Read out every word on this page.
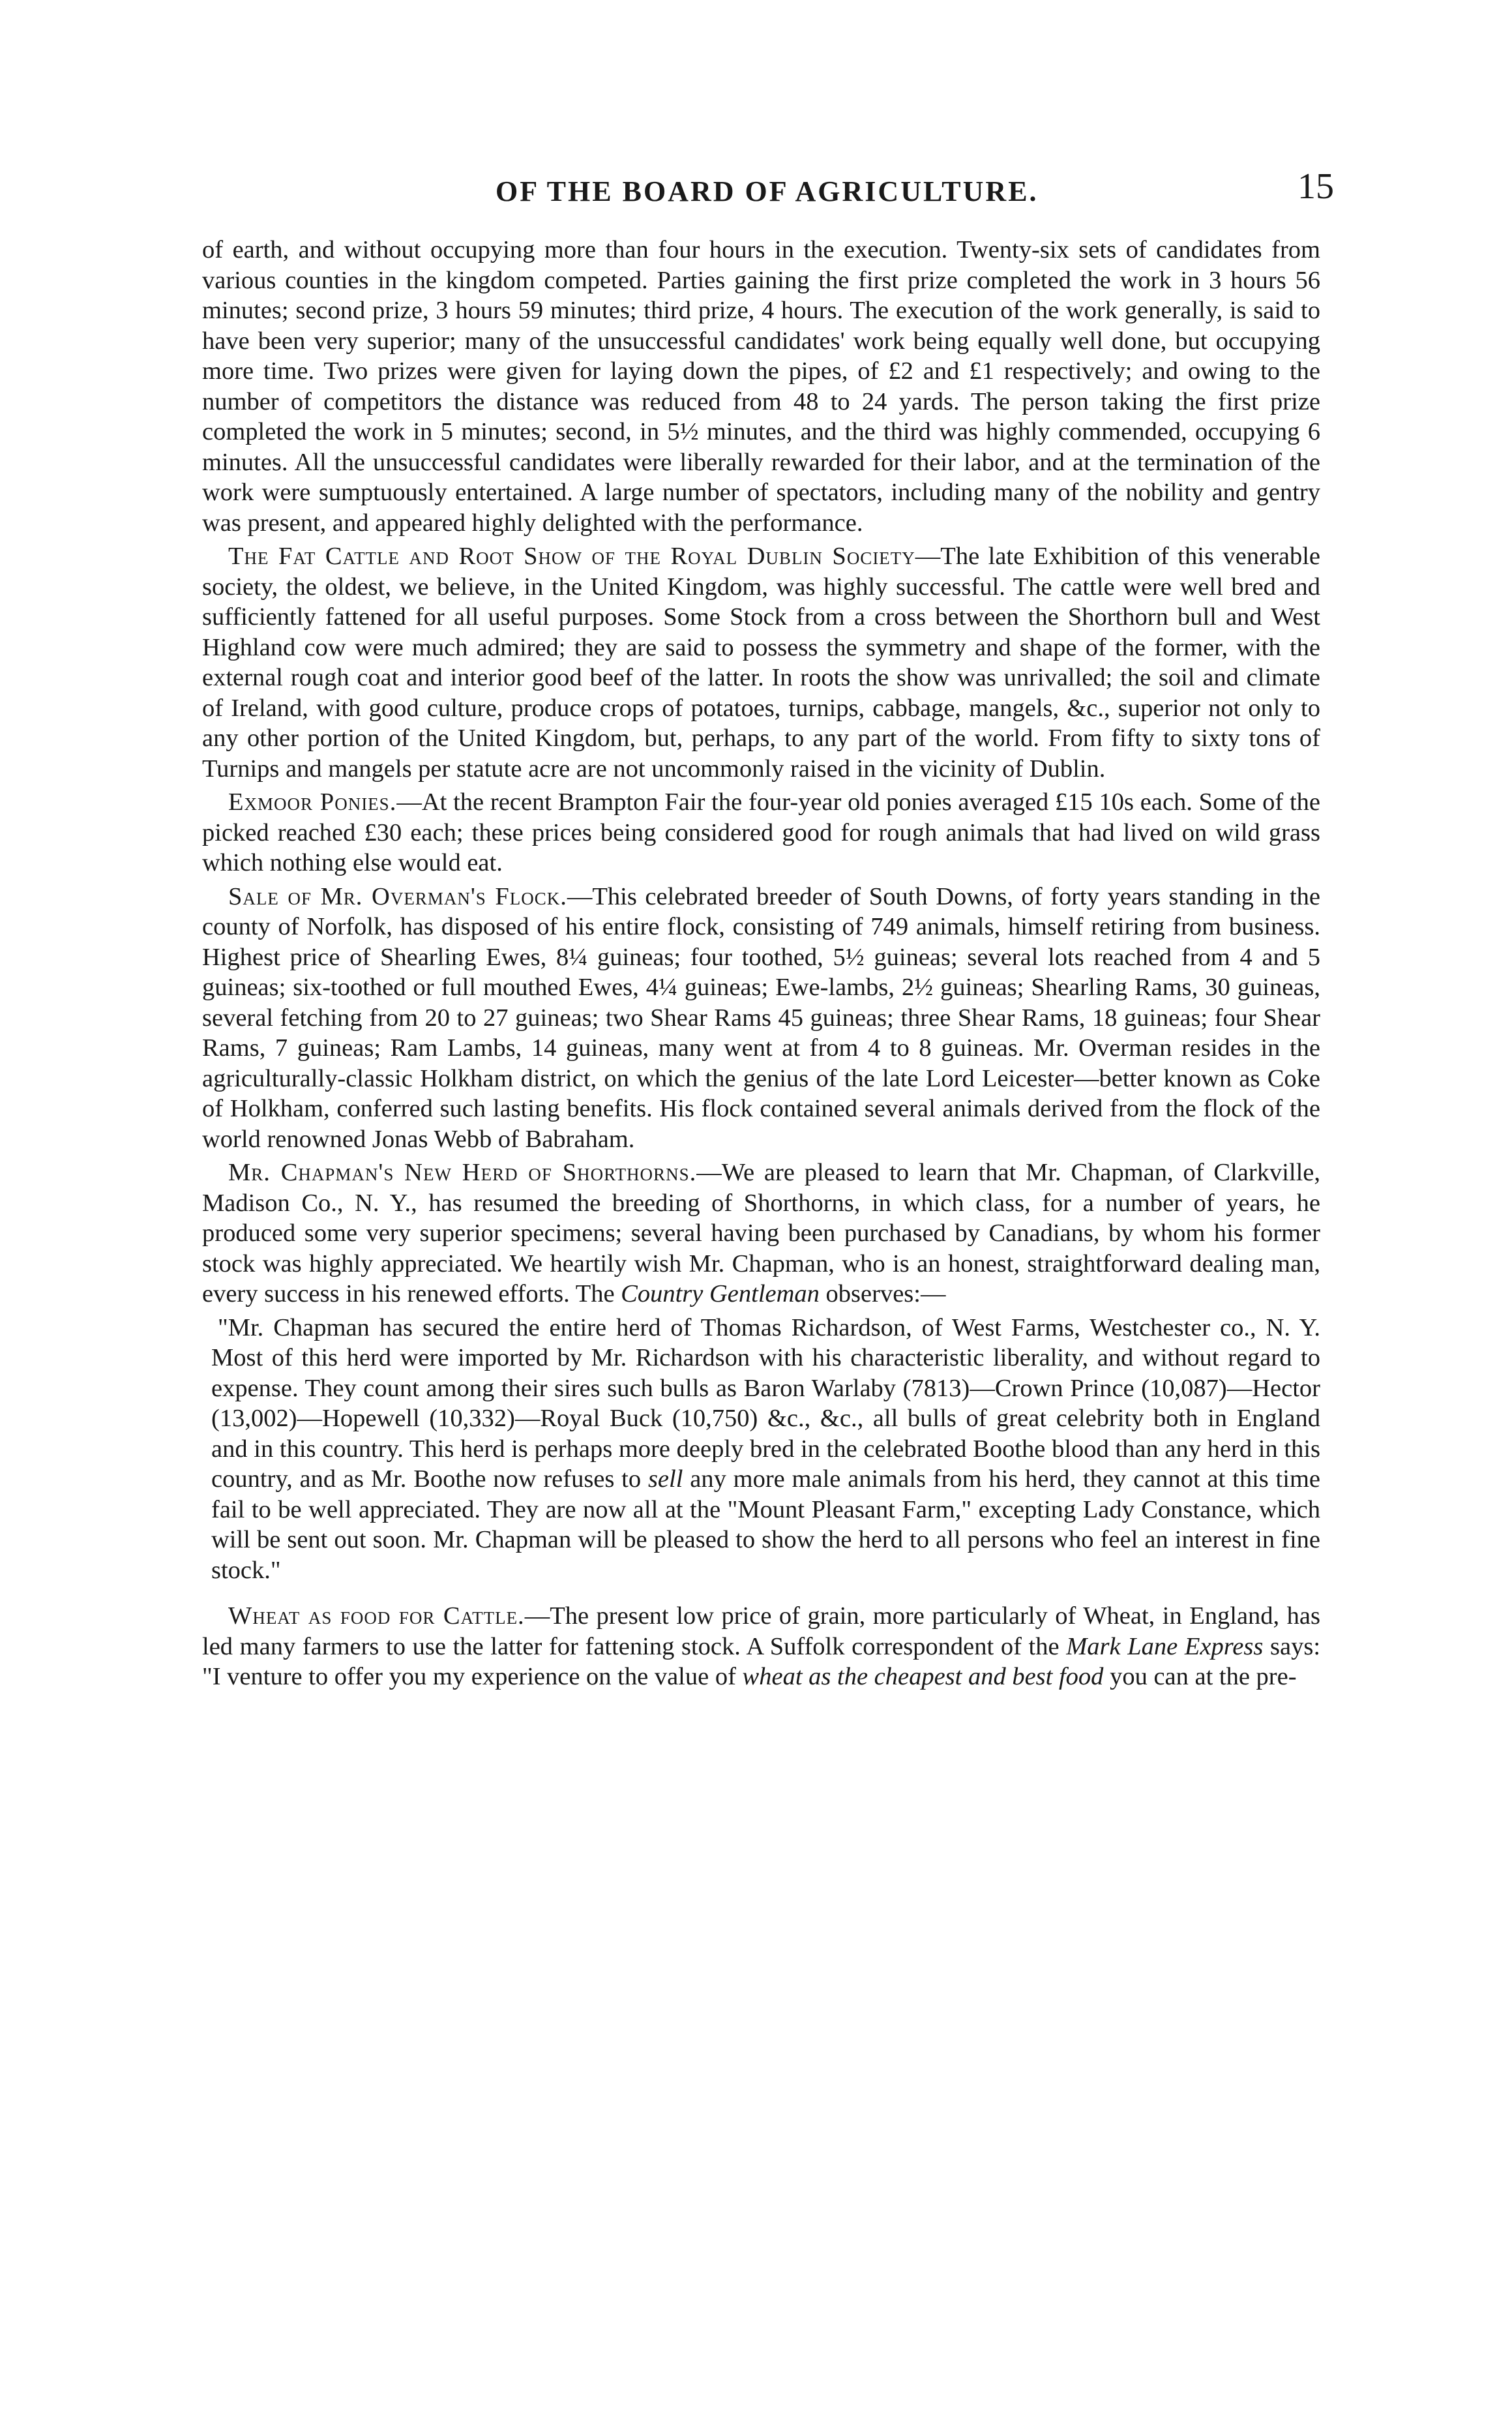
OF THE BOARD OF AGRICULTURE.	15

of earth, and without occupying more than four hours in the execution. Twenty-six sets of candidates from various counties in the kingdom competed. Parties gaining the first prize completed the work in 3 hours 56 minutes; second prize, 3 hours 59 minutes; third prize, 4 hours. The execution of the work generally, is said to have been very superior; many of the unsuccessful candidates' work being equally well done, but occupying more time. Two prizes were given for laying down the pipes, of £2 and £1 respectively; and owing to the number of competitors the distance was reduced from 48 to 24 yards. The person taking the first prize completed the work in 5 minutes; second, in 5½ minutes, and the third was highly commended, occupying 6 minutes. All the unsuccessful candidates were liberally rewarded for their labor, and at the termination of the work were sumptuously entertained. A large number of spectators, including many of the nobility and gentry was present, and appeared highly delighted with the performance.

The Fat Cattle and Root Show of the Royal Dublin Society—The late Exhibition of this venerable society, the oldest, we believe, in the United Kingdom, was highly successful. The cattle were well bred and sufficiently fattened for all useful purposes. Some Stock from a cross between the Shorthorn bull and West Highland cow were much admired; they are said to possess the symmetry and shape of the former, with the external rough coat and interior good beef of the latter. In roots the show was unrivalled; the soil and climate of Ireland, with good culture, produce crops of potatoes, turnips, cabbage, mangels, &c., superior not only to any other portion of the United Kingdom, but, perhaps, to any part of the world. From fifty to sixty tons of Turnips and mangels per statute acre are not uncommonly raised in the vicinity of Dublin.

Exmoor Ponies.—At the recent Brampton Fair the four-year old ponies averaged £15 10s each. Some of the picked reached £30 each; these prices being considered good for rough animals that had lived on wild grass which nothing else would eat.

Sale of Mr. Overman's Flock.—This celebrated breeder of South Downs, of forty years standing in the county of Norfolk, has disposed of his entire flock, consisting of 749 animals, himself retiring from business. Highest price of Shearling Ewes, 8¼ guineas; four toothed, 5½ guineas; several lots reached from 4 and 5 guineas; six-toothed or full mouthed Ewes, 4¼ guineas; Ewe-lambs, 2½ guineas; Shearling Rams, 30 guineas, several fetching from 20 to 27 guineas; two Shear Rams 45 guineas; three Shear Rams, 18 guineas; four Shear Rams, 7 guineas; Ram Lambs, 14 guineas, many went at from 4 to 8 guineas. Mr. Overman resides in the agriculturally-classic Holkham district, on which the genius of the late Lord Leicester—better known as Coke of Holkham, conferred such lasting benefits. His flock contained several animals derived from the flock of the world renowned Jonas Webb of Babraham.

Mr. Chapman's New Herd of Shorthorns.—We are pleased to learn that Mr. Chapman, of Clarkville, Madison Co., N. Y., has resumed the breeding of Shorthorns, in which class, for a number of years, he produced some very superior specimens; several having been purchased by Canadians, by whom his former stock was highly appreciated. We heartily wish Mr. Chapman, who is an honest, straightforward dealing man, every success in his renewed efforts. The Country Gentleman observes:—

"Mr. Chapman has secured the entire herd of Thomas Richardson, of West Farms, Westchester co., N. Y. Most of this herd were imported by Mr. Richardson with his characteristic liberality, and without regard to expense. They count among their sires such bulls as Baron Warlaby (7813)—Crown Prince (10,087)—Hector (13,002)—Hopewell (10,332)—Royal Buck (10,750) &c., &c., all bulls of great celebrity both in England and in this country. This herd is perhaps more deeply bred in the celebrated Boothe blood than any herd in this country, and as Mr. Boothe now refuses to sell any more male animals from his herd, they cannot at this time fail to be well appreciated. They are now all at the "Mount Pleasant Farm," excepting Lady Constance, which will be sent out soon. Mr. Chapman will be pleased to show the herd to all persons who feel an interest in fine stock."

Wheat as food for Cattle.—The present low price of grain, more particularly of Wheat, in England, has led many farmers to use the latter for fattening stock. A Suffolk correspondent of the Mark Lane Express says: "I venture to offer you my experience on the value of wheat as the cheapest and best food you can at the pre-
